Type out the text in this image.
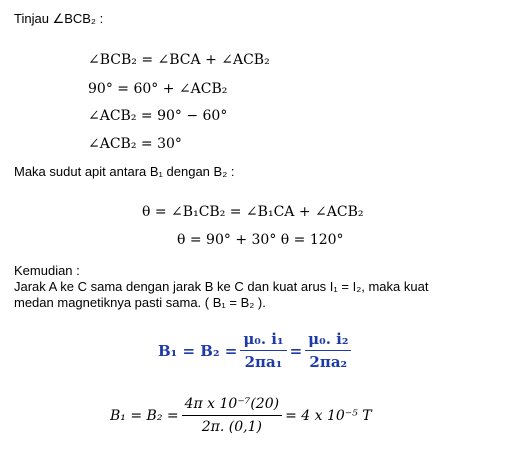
Tinjau ∠BCB₂ :
∠BCB₂ = ∠BCA + ∠ACB₂
90° = 60° + ∠ACB₂
∠ACB₂ = 90° − 60°
∠ACB₂ = 30°
Maka sudut apit antara B₁ dengan B₂ :
θ = ∠B₁CB₂ = ∠B₁CA + ∠ACB₂
θ = 90° + 30° θ = 120°
Kemudian :
Jarak A ke C sama dengan jarak B ke C dan kuat arus I₁ = I₂, maka kuat
medan magnetiknya pasti sama. ( B₁ = B₂ ).
$B_1 = B_2 = \frac{\text{μ₀. i₁}}{\text{2πa₁}} = \frac{\text{μ₀. i₂}}{\text{2πa₂}}$
$B_1 = B_2 = \frac{\text{4π x 10⁻⁷(20)}}{2\pi. (0,1)} = 4$ x 10⁻⁵ T
